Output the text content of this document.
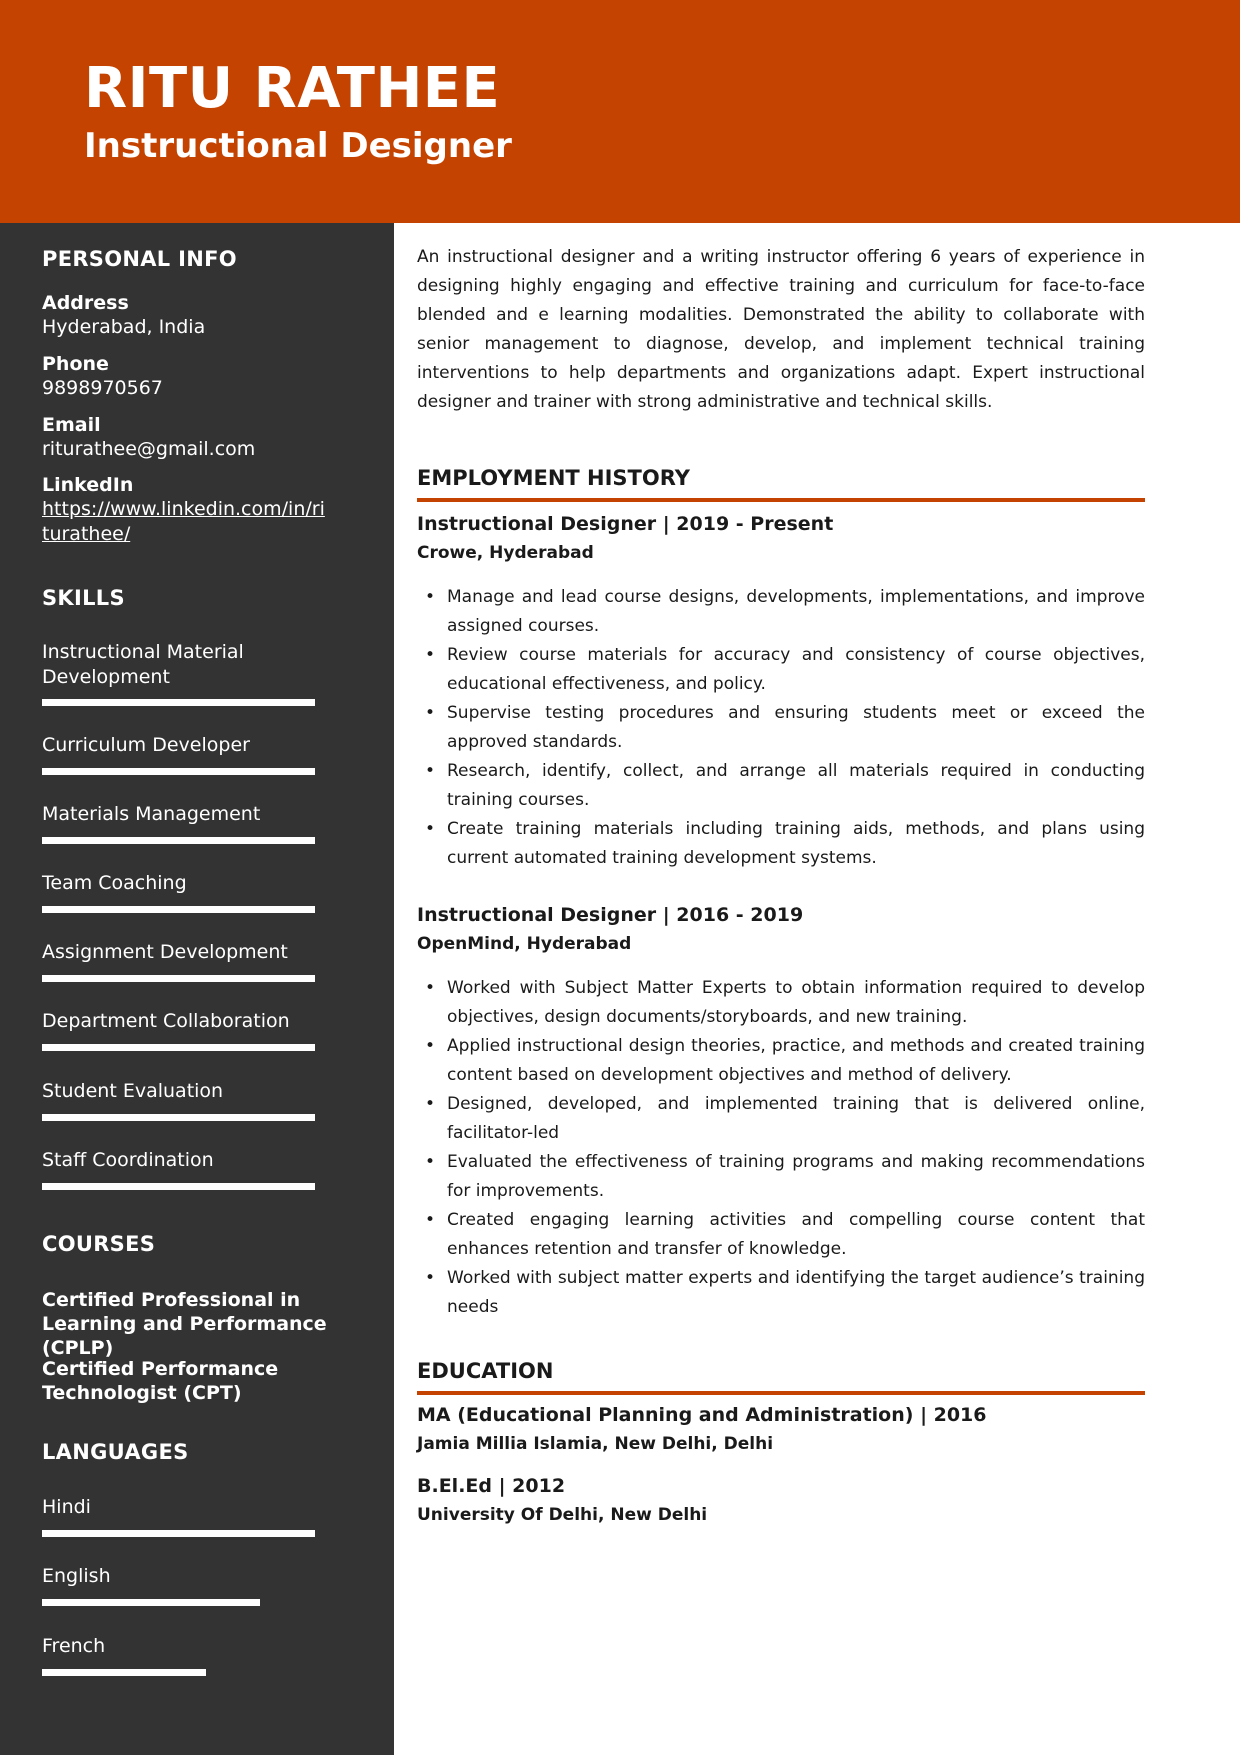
RITU RATHEE
Instructional Designer
PERSONAL INFO
Address
Hyderabad, India
Phone
9898970567
Email
riturathee@gmail.com
LinkedIn
https://www.linkedin.com/in/riturathee/
SKILLS
Instructional Material Development
Curriculum Developer
Materials Management
Team Coaching
Assignment Development
Department Collaboration
Student Evaluation
Staff Coordination
COURSES
Certified Professional in Learning and Performance (CPLP)
Certified Performance Technologist (CPT)
LANGUAGES
Hindi
English
French

An instructional designer and a writing instructor offering 6 years of experience in designing highly engaging and effective training and curriculum for face-to-face blended and e learning modalities. Demonstrated the ability to collaborate with senior management to diagnose, develop, and implement technical training interventions to help departments and organizations adapt. Expert instructional designer and trainer with strong administrative and technical skills.

EMPLOYMENT HISTORY
Instructional Designer | 2019 - Present
Crowe, Hyderabad
• Manage and lead course designs, developments, implementations, and improve assigned courses.
• Review course materials for accuracy and consistency of course objectives, educational effectiveness, and policy.
• Supervise testing procedures and ensuring students meet or exceed the approved standards.
• Research, identify, collect, and arrange all materials required in conducting training courses.
• Create training materials including training aids, methods, and plans using current automated training development systems.
Instructional Designer | 2016 - 2019
OpenMind, Hyderabad
• Worked with Subject Matter Experts to obtain information required to develop objectives, design documents/storyboards, and new training.
• Applied instructional design theories, practice, and methods and created training content based on development objectives and method of delivery.
• Designed, developed, and implemented training that is delivered online, facilitator-led
• Evaluated the effectiveness of training programs and making recommendations for improvements.
• Created engaging learning activities and compelling course content that enhances retention and transfer of knowledge.
• Worked with subject matter experts and identifying the target audience’s training needs
EDUCATION
MA (Educational Planning and Administration) | 2016
Jamia Millia Islamia, New Delhi, Delhi
B.El.Ed | 2012
University Of Delhi, New Delhi
